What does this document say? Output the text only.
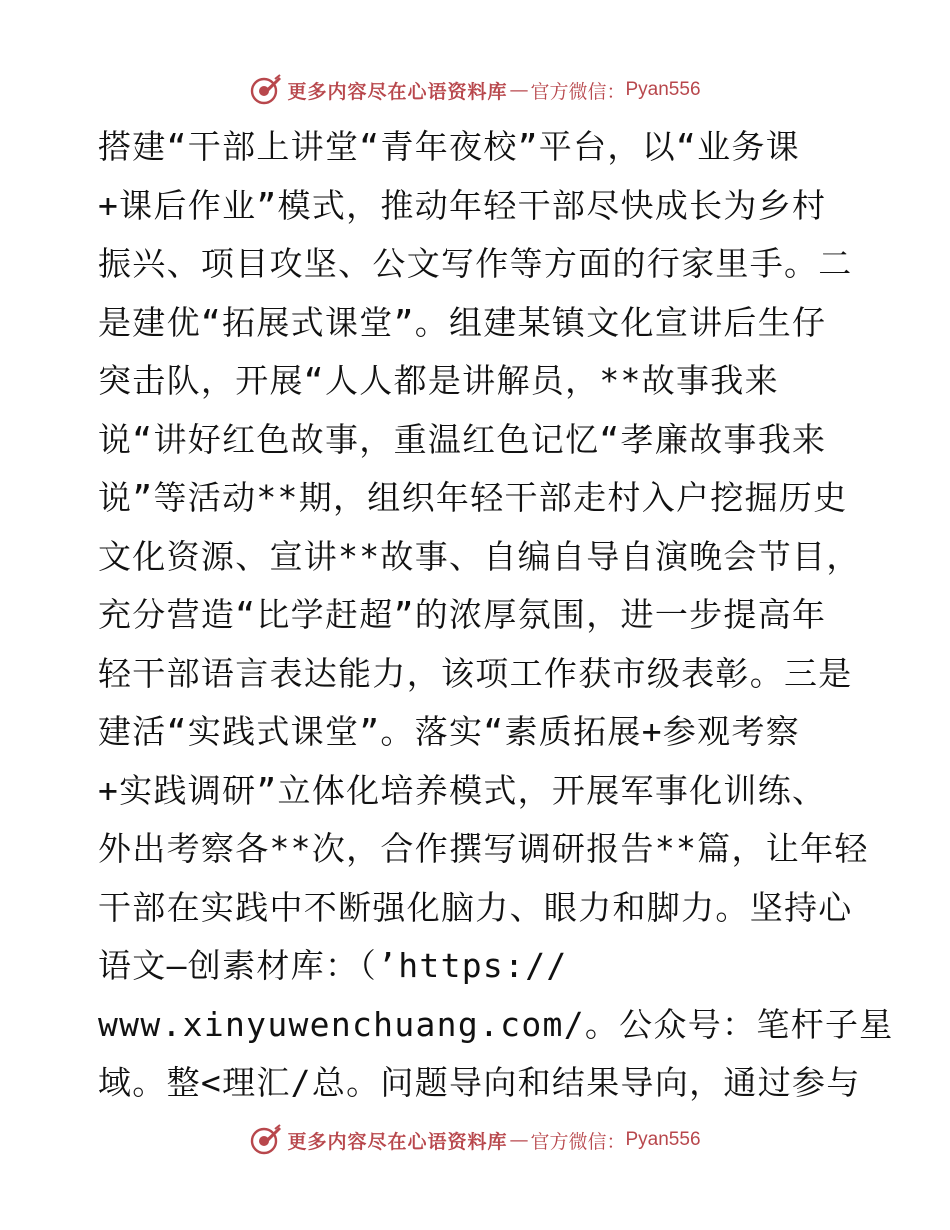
更多内容尽在心语资料库 — 官方微信： Pyan556
搭建“干部上讲堂“青年夜校”平台，以“业务课
+课后作业”模式，推动年轻干部尽快成长为乡村
振兴、项目攻坚、公文写作等方面的行家里手。二
是建优“拓展式课堂”。组建某镇文化宣讲后生仔
突击队，开展“人人都是讲解员，**故事我来
说“讲好红色故事，重温红色记忆“孝廉故事我来
说”等活动**期，组织年轻干部走村入户挖掘历史
文化资源、宣讲**故事、自编自导自演晚会节目，
充分营造“比学赶超”的浓厚氛围，进一步提高年
轻干部语言表达能力，该项工作获市级表彰。三是
建活“实践式课堂”。落实“素质拓展+参观考察
+实践调研”立体化培养模式，开展军事化训练、
外出考察各**次，合作撰写调研报告**篇，让年轻
干部在实践中不断强化脑力、眼力和脚力。坚持心
语文—创素材库：（’https://
www.xinyuwenchuang.com/。公众号：笔杆子星
域。整<理汇/总。问题导向和结果导向，通过参与
更多内容尽在心语资料库 — 官方微信： Pyan556
